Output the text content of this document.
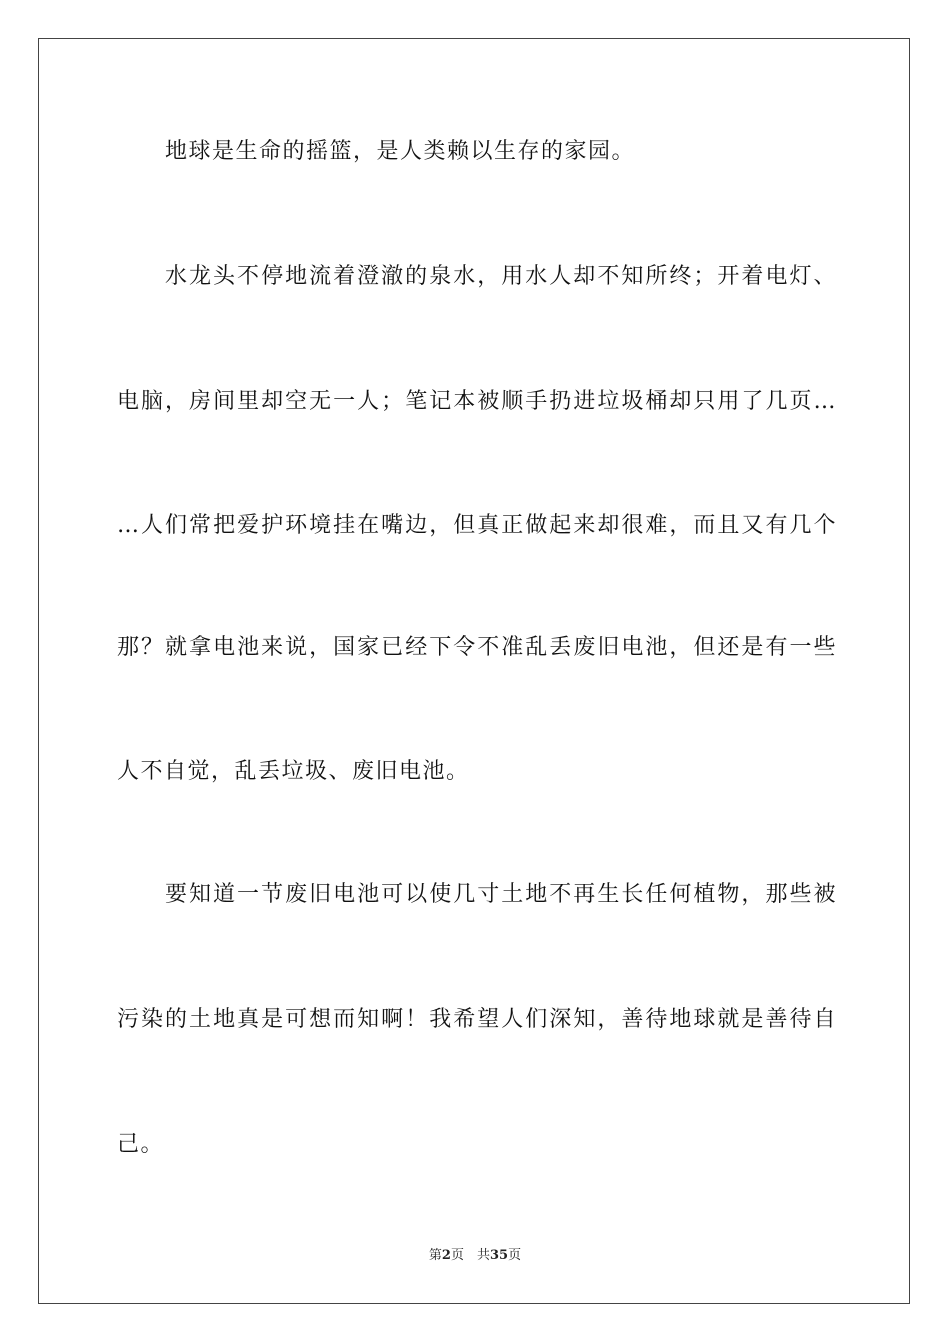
地球是生命的摇篮，是人类赖以生存的家园。
水龙头不停地流着澄澈的泉水，用水人却不知所终；开着电灯、
电脑，房间里却空无一人；笔记本被顺手扔进垃圾桶却只用了几页…
…人们常把爱护环境挂在嘴边，但真正做起来却很难，而且又有几个
那？就拿电池来说，国家已经下令不准乱丢废旧电池，但还是有一些
人不自觉，乱丢垃圾、废旧电池。
要知道一节废旧电池可以使几寸土地不再生长任何植物，那些被
污染的土地真是可想而知啊！我希望人们深知，善待地球就是善待自
己。
第2页　共35页
